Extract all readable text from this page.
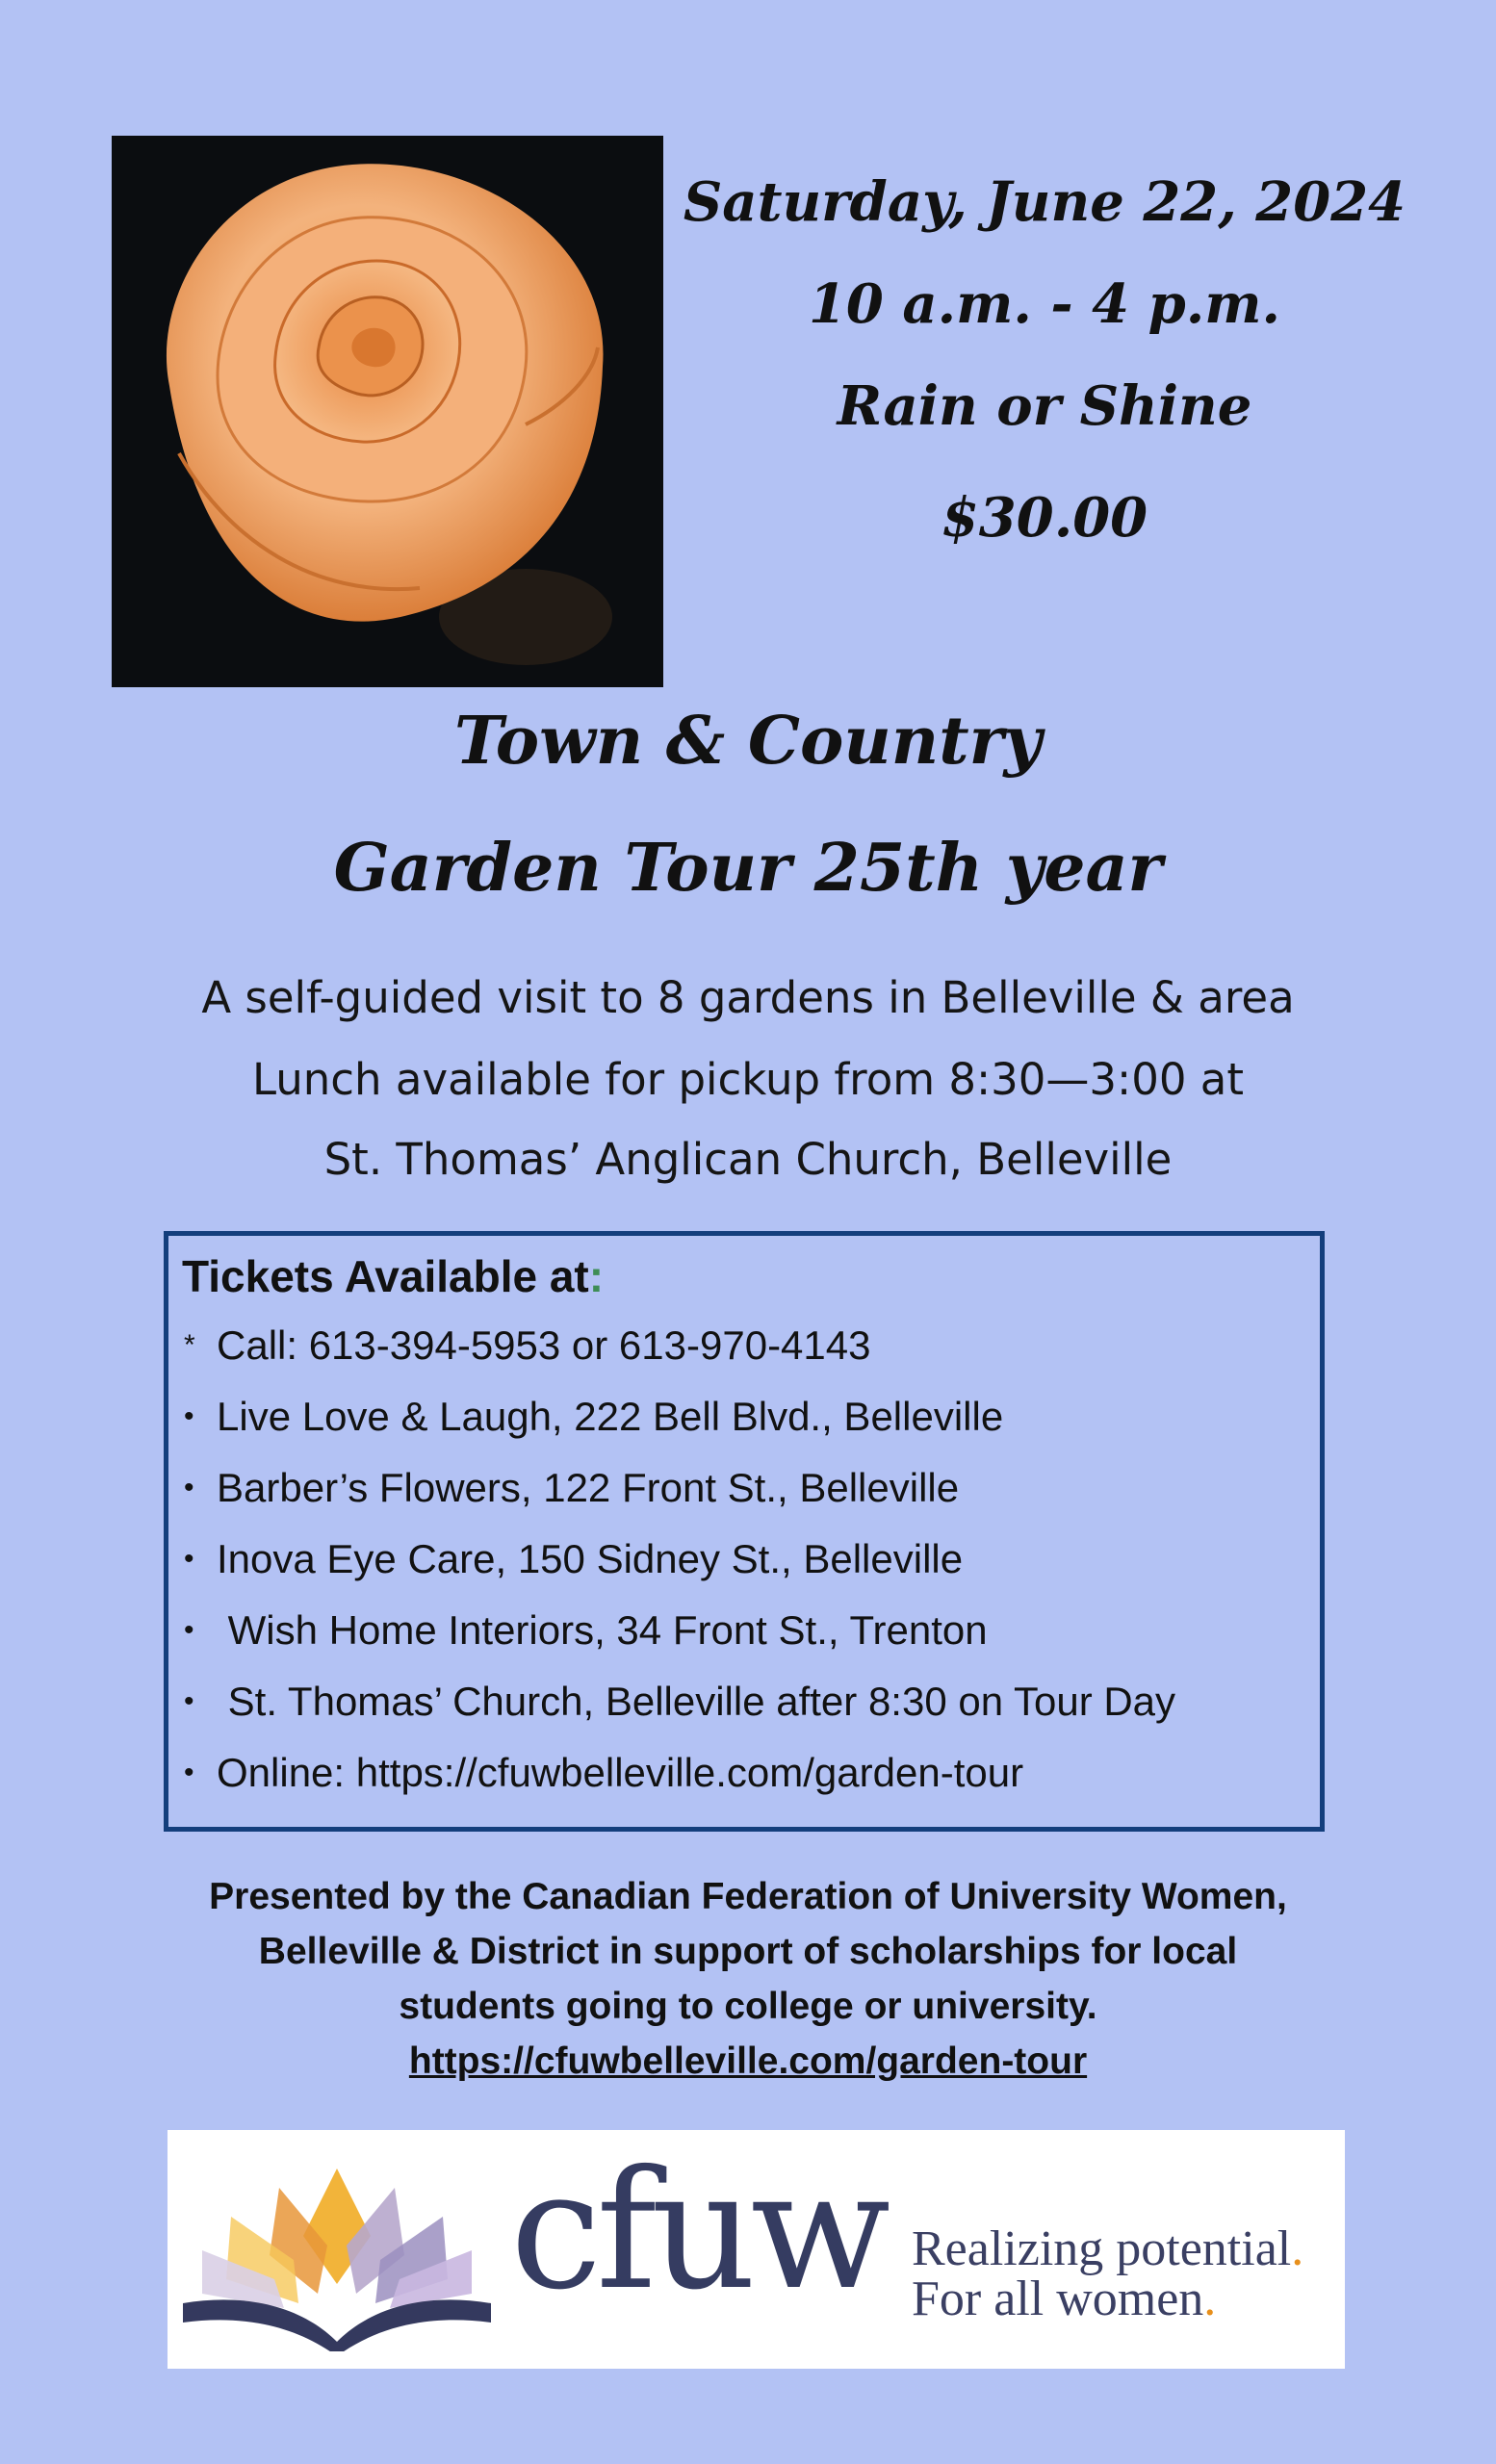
Saturday, June 22, 2024
10 a.m. - 4 p.m.
Rain or Shine
$30.00
Town & Country
Garden Tour 25th year
A self-guided visit to 8 gardens in Belleville & area
Lunch available for pickup from 8:30—3:00 at
St. Thomas’ Anglican Church, Belleville
Tickets Available at:
* Call: 613-394-5953 or 613-970-4143
• Live Love & Laugh, 222 Bell Blvd., Belleville
• Barber’s Flowers, 122 Front St., Belleville
• Inova Eye Care, 150 Sidney St., Belleville
• Wish Home Interiors, 34 Front St., Trenton
• St. Thomas’ Church, Belleville after 8:30 on Tour Day
• Online: https://cfuwbelleville.com/garden-tour
Presented by the Canadian Federation of University Women,
Belleville & District in support of scholarships for local
students going to college or university.
https://cfuwbelleville.com/garden-tour
cfuw Realizing potential.
For all women.
